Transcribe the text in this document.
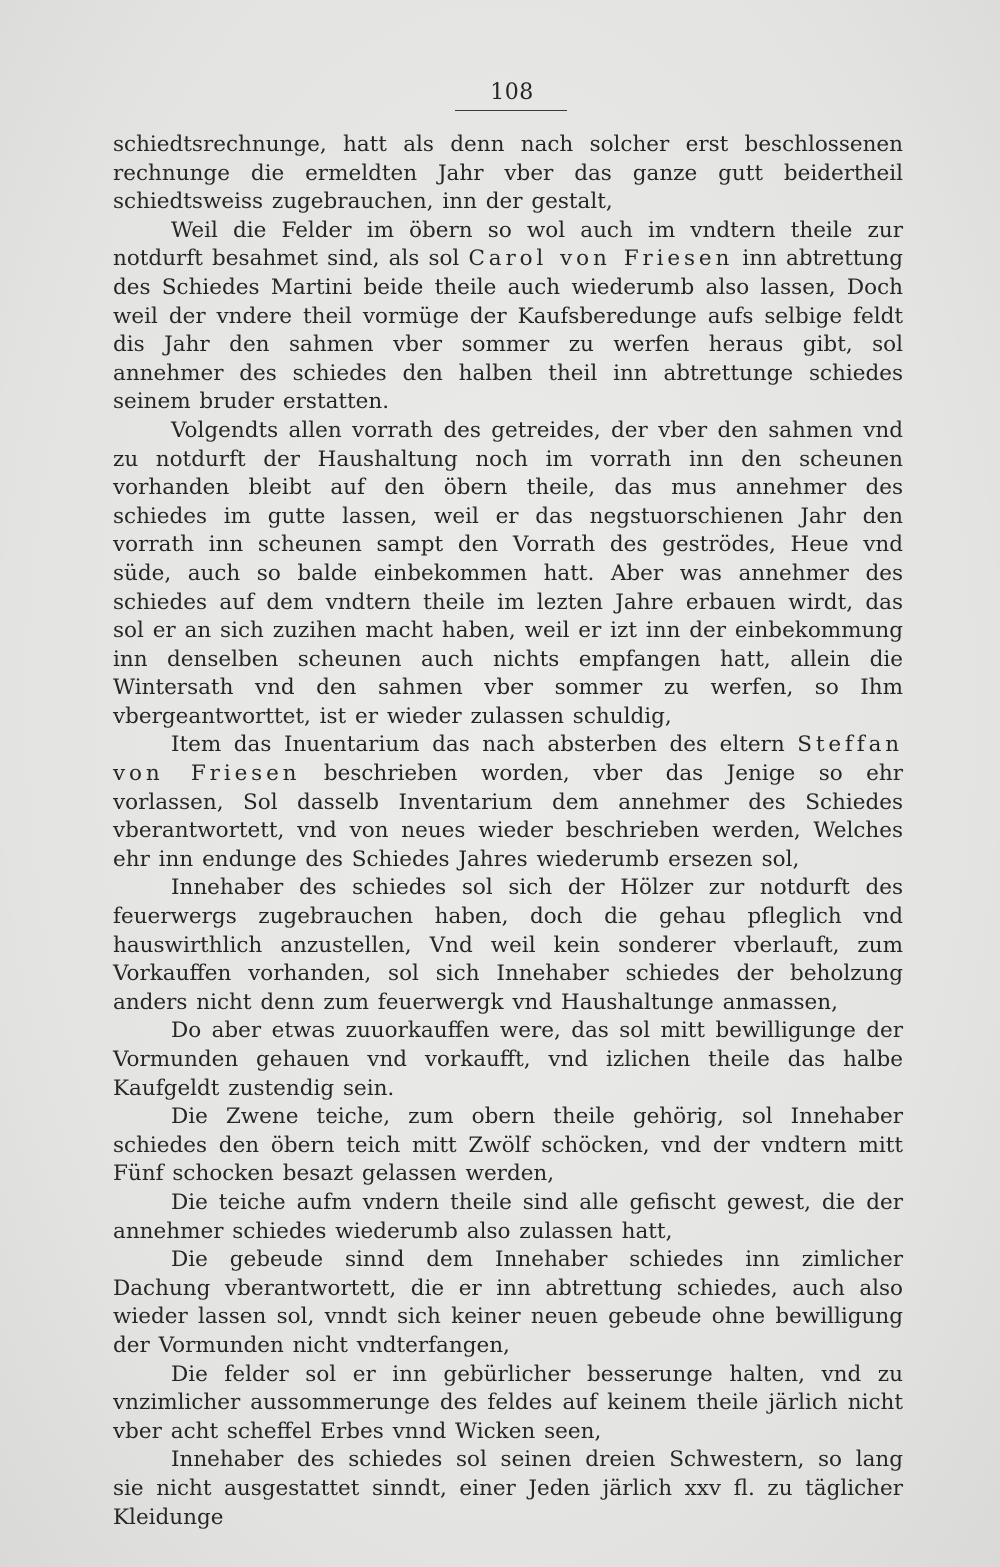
108

schiedtsrechnunge, hatt als denn nach solcher erst beschlossenen rechnunge die ermeldten Jahr vber das ganze gutt beidertheil schiedtsweiss zugebrauchen, inn der gestalt,

Weil die Felder im öbern so wol auch im vndtern theile zur notdurft besahmet sind, als sol Carol von Friesen inn abtrettung des Schiedes Martini beide theile auch wiederumb also lassen, Doch weil der vndere theil vormüge der Kaufsberedunge aufs selbige feldt dis Jahr den sahmen vber sommer zu werfen heraus gibt, sol annehmer des schiedes den halben theil inn abtrettunge schiedes seinem bruder erstatten.

Volgendts allen vorrath des getreides, der vber den sahmen vnd zu notdurft der Haushaltung noch im vorrath inn den scheunen vorhanden bleibt auf den öbern theile, das mus annehmer des schiedes im gutte lassen, weil er das negstuorschienen Jahr den vorrath inn scheunen sampt den Vorrath des geströdes, Heue vnd süde, auch so balde einbekommen hatt. Aber was annehmer des schiedes auf dem vndtern theile im lezten Jahre erbauen wirdt, das sol er an sich zuzihen macht haben, weil er izt inn der einbekommung inn denselben scheunen auch nichts empfangen hatt, allein die Wintersath vnd den sahmen vber sommer zu werfen, so Ihm vbergeantworttet, ist er wieder zulassen schuldig,

Item das Inuentarium das nach absterben des eltern Steffan von Friesen beschrieben worden, vber das Jenige so ehr vorlassen, Sol dasselb Inventarium dem annehmer des Schiedes vberantwortett, vnd von neues wieder beschrieben werden, Welches ehr inn endunge des Schiedes Jahres wiederumb ersezen sol,

Innehaber des schiedes sol sich der Hölzer zur notdurft des feuerwergs zugebrauchen haben, doch die gehau pfleglich vnd hauswirthlich anzustellen, Vnd weil kein sonderer vberlauft, zum Vorkauffen vorhanden, sol sich Innehaber schiedes der beholzung anders nicht denn zum feuerwergk vnd Haushaltunge anmassen,

Do aber etwas zuuorkauffen were, das sol mitt bewilligunge der Vormunden gehauen vnd vorkaufft, vnd izlichen theile das halbe Kaufgeldt zustendig sein.

Die Zwene teiche, zum obern theile gehörig, sol Innehaber schiedes den öbern teich mitt Zwölf schöcken, vnd der vndtern mitt Fünf schocken besazt gelassen werden,

Die teiche aufm vndern theile sind alle gefischt gewest, die der annehmer schiedes wiederumb also zulassen hatt,

Die gebeude sinnd dem Innehaber schiedes inn zimlicher Dachung vberantwortett, die er inn abtrettung schiedes, auch also wieder lassen sol, vnndt sich keiner neuen gebeude ohne bewilligung der Vormunden nicht vndterfangen,

Die felder sol er inn gebürlicher besserunge halten, vnd zu vnzimlicher aussommerunge des feldes auf keinem theile järlich nicht vber acht scheffel Erbes vnnd Wicken seen,

Innehaber des schiedes sol seinen dreien Schwestern, so lang sie nicht ausgestattet sinndt, einer Jeden järlich xxv fl. zu täglicher Kleidunge
